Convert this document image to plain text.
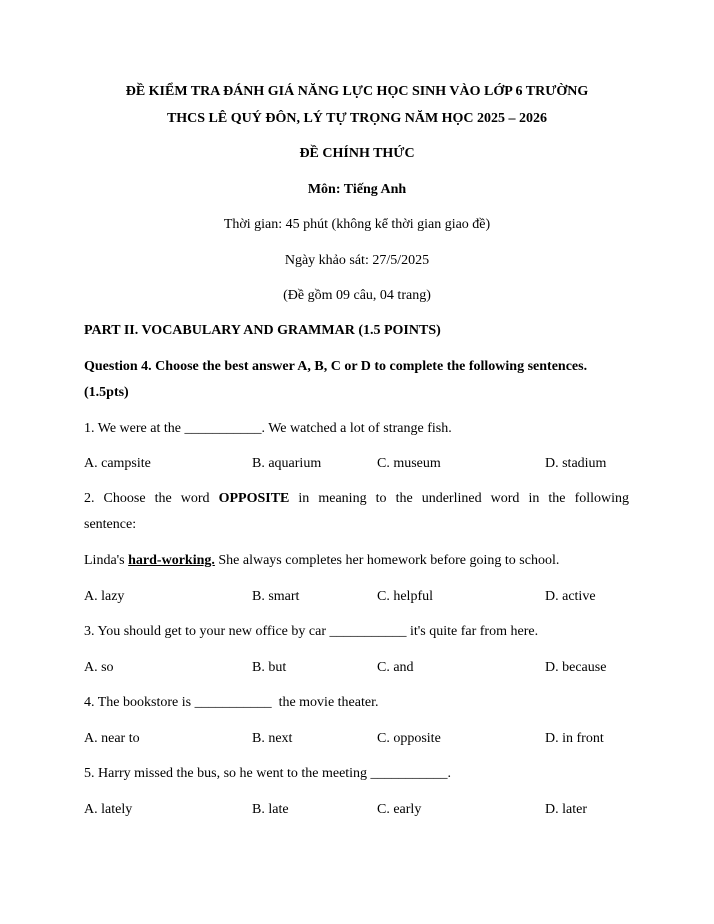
ĐỀ KIỂM TRA ĐÁNH GIÁ NĂNG LỰC HỌC SINH VÀO LỚP 6 TRƯỜNG
THCS LÊ QUÝ ĐÔN, LÝ TỰ TRỌNG NĂM HỌC 2025 – 2026
ĐỀ CHÍNH THỨC
Môn: Tiếng Anh
Thời gian: 45 phút (không kể thời gian giao đề)
Ngày khảo sát: 27/5/2025
(Đề gồm 09 câu, 04 trang)
PART II. VOCABULARY AND GRAMMAR (1.5 POINTS)
Question 4. Choose the best answer A, B, C or D to complete the following sentences.
(1.5pts)
1. We were at the ___________. We watched a lot of strange fish.
A. campsite	B. aquarium	C. museum	D. stadium
2. Choose the word OPPOSITE in meaning to the underlined word in the following
sentence:
Linda's hard-working. She always completes her homework before going to school.
A. lazy	B. smart	C. helpful	D. active
3. You should get to your new office by car ___________ it's quite far from here.
A. so	B. but	C. and	D. because
4. The bookstore is ___________  the movie theater.
A. near to	B. next	C. opposite	D. in front
5. Harry missed the bus, so he went to the meeting ___________.
A. lately	B. late	C. early	D. later
